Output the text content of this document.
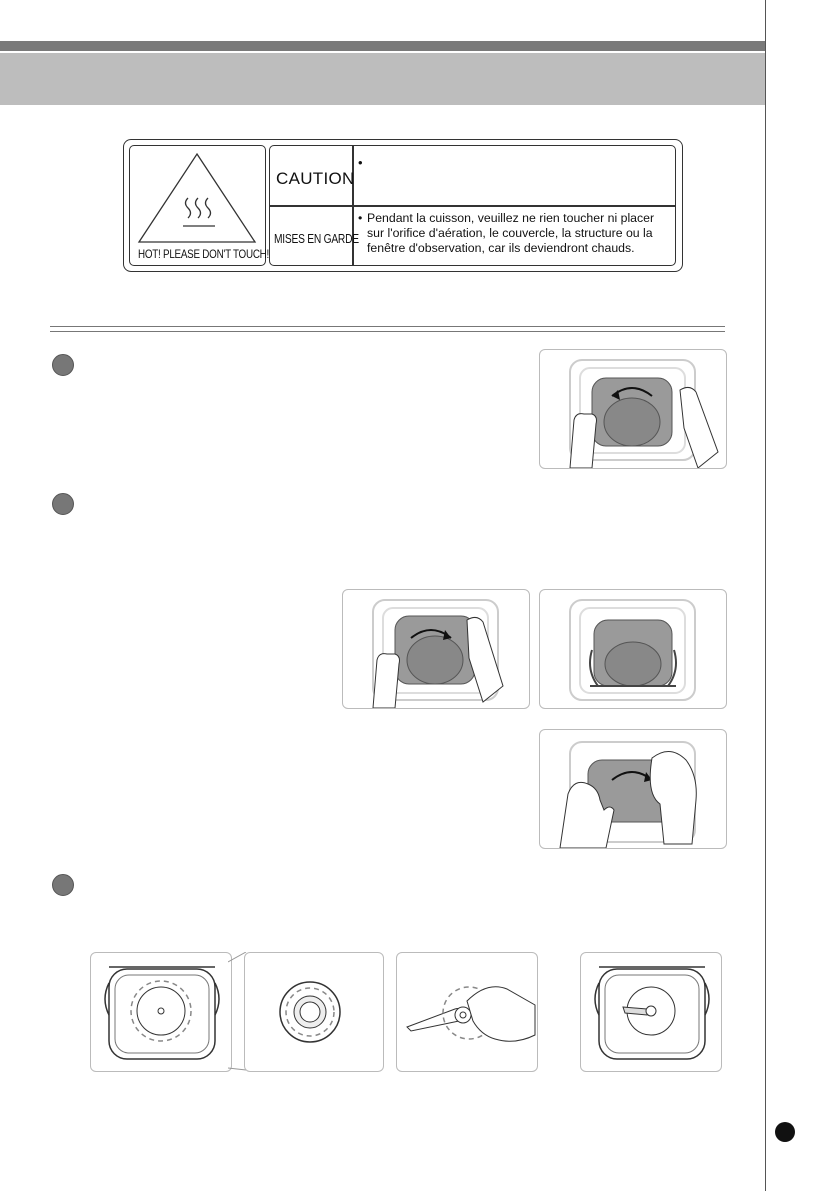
HOT! PLEASE DON'T TOUCH!
CAUTION
•
MISES EN GARDE
• Pendant la cuisson, veuillez ne rien toucher ni placer
sur l'orifice d'aération, le couvercle, la structure ou la
fenêtre d'observation, car ils deviendront chauds.
